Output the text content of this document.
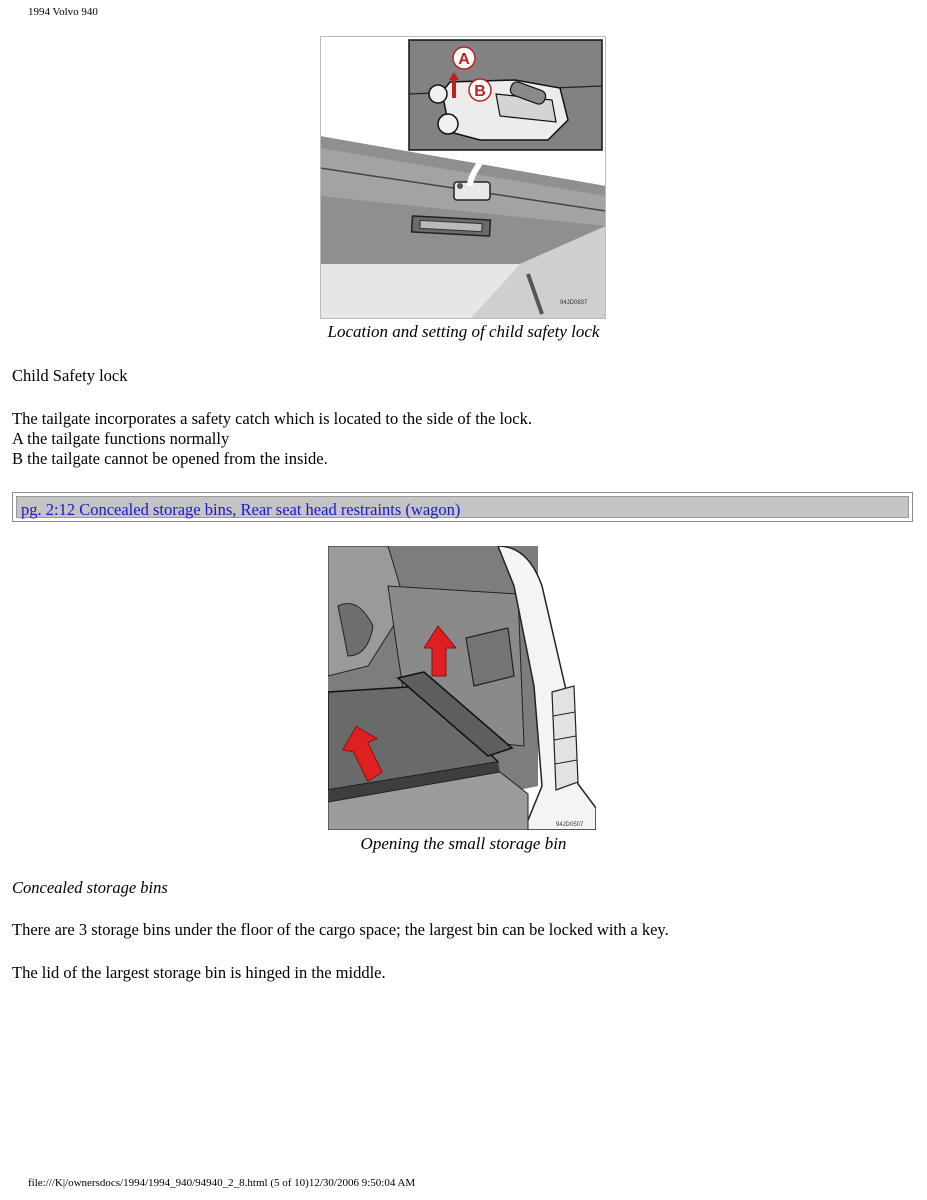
1994 Volvo 940
A
B
94JD0837
Location and setting of child safety lock
Child Safety lock
The tailgate incorporates a safety catch which is located to the side of the lock.
A the tailgate functions normally
B the tailgate cannot be opened from the inside.
pg. 2:12 Concealed storage bins, Rear seat head restraints (wagon)
94JD0507
Opening the small storage bin
Concealed storage bins
There are 3 storage bins under the floor of the cargo space; the largest bin can be locked with a key.
The lid of the largest storage bin is hinged in the middle.
file:///K|/ownersdocs/1994/1994_940/94940_2_8.html (5 of 10)12/30/2006 9:50:04 AM
